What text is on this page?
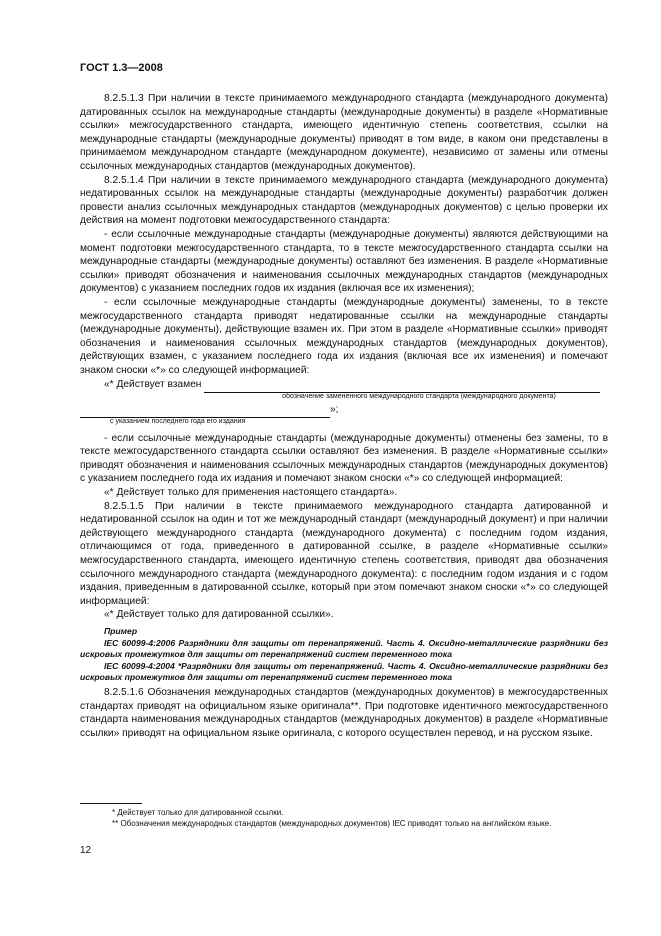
ГОСТ 1.3—2008

8.2.5.1.3 При наличии в тексте принимаемого международного стандарта (международного документа) датированных ссылок на международные стандарты (международные документы) в разделе «Нормативные ссылки» межгосударственного стандарта, имеющего идентичную степень соответствия, ссылки на международные стандарты (международные документы) приводят в том виде, в каком они представлены в принимаемом международном стандарте (международном документе), независимо от замены или отмены ссылочных международных стандартов (международных документов).

8.2.5.1.4 При наличии в тексте принимаемого международного стандарта (международного документа) недатированных ссылок на международные стандарты (международные документы) разработчик должен провести анализ ссылочных международных стандартов (международных документов) с целью проверки их действия на момент подготовки межгосударственного стандарта:

- если ссылочные международные стандарты (международные документы) являются действующими на момент подготовки межгосударственного стандарта, то в тексте межгосударственного стандарта ссылки на международные стандарты (международные документы) оставляют без изменения. В разделе «Нормативные ссылки» приводят обозначения и наименования ссылочных международных стандартов (международных документов) с указанием последних годов их издания (включая все их изменения);

- если ссылочные международные стандарты (международные документы) заменены, то в тексте межгосударственного стандарта приводят недатированные ссылки на международные стандарты (международные документы), действующие взамен их. При этом в разделе «Нормативные ссылки» приводят обозначения и наименования ссылочных международных стандартов (международных документов), действующих взамен, с указанием последнего года их издания (включая все их изменения) и помечают знаком сноски «*» со следующей информацией:

«* Действует взамен
обозначение замененного международного стандарта (международного документа)
»;
с указанием последнего года его издания

- если ссылочные международные стандарты (международные документы) отменены без замены, то в тексте межгосударственного стандарта ссылки оставляют без изменения. В разделе «Нормативные ссылки» приводят обозначения и наименования ссылочных международных стандартов (международных документов) с указанием последнего года их издания и помечают знаком сноски «*» со следующей информацией:

«* Действует только для применения настоящего стандарта».

8.2.5.1.5 При наличии в тексте принимаемого международного стандарта датированной и недатированной ссылок на один и тот же международный стандарт (международный документ) и при наличии действующего международного стандарта (международного документа) с последним годом издания, отличающимся от года, приведенного в датированной ссылке, в разделе «Нормативные ссылки» межгосударственного стандарта, имеющего идентичную степень соответствия, приводят два обозначения ссылочного международного стандарта (международного документа): с последним годом издания и с годом издания, приведенным в датированной ссылке, который при этом помечают знаком сноски «*» со следующей информацией:

«* Действует только для датированной ссылки».

Пример
IEC 60099-4:2006 Разрядники для защиты от перенапряжений. Часть 4. Оксидно-металлические разрядники без искровых промежутков для защиты от перенапряжений систем переменного тока
IEC 60099-4:2004 *Разрядники для защиты от перенапряжений. Часть 4. Оксидно-металлические разрядники без искровых промежутков для защиты от перенапряжений систем переменного тока

8.2.5.1.6 Обозначения международных стандартов (международных документов) в межгосударственных стандартах приводят на официальном языке оригинала**. При подготовке идентичного межгосударственного стандарта наименования международных стандартов (международных документов) в разделе «Нормативные ссылки» приводят на официальном языке оригинала, с которого осуществлен перевод, и на русском языке.

* Действует только для датированной ссылки.

** Обозначения международных стандартов (международных документов) IEC приводят только на английском языке.

12
